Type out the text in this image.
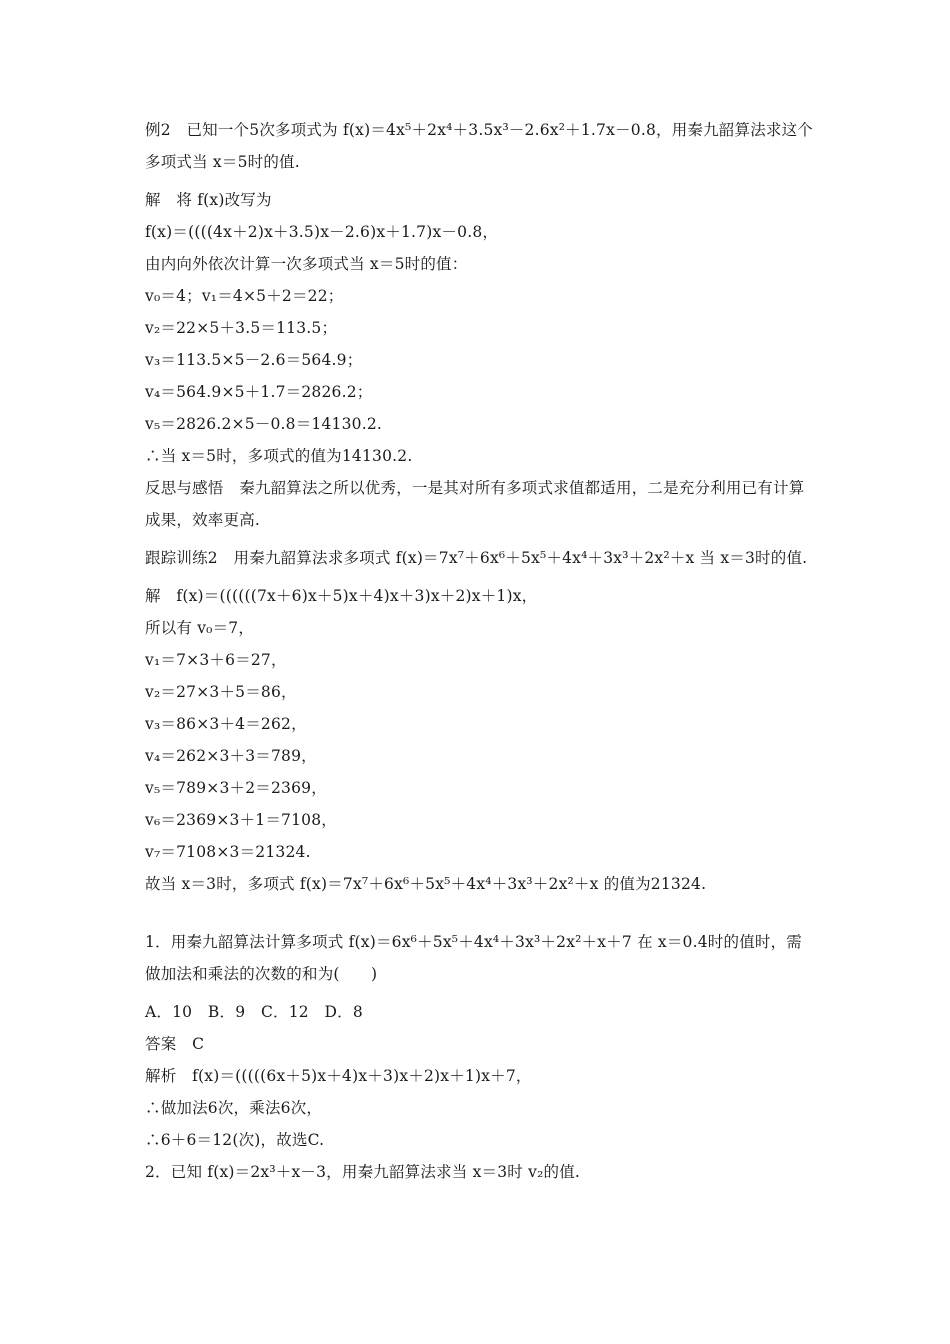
例2　已知一个5次多项式为 f(x)＝4x⁵＋2x⁴＋3.5x³－2.6x²＋1.7x－0.8，用秦九韶算法求这个多项式当 x＝5时的值.
解　将 f(x)改写为
f(x)＝((((4x＋2)x＋3.5)x－2.6)x＋1.7)x－0.8，
由内向外依次计算一次多项式当 x＝5时的值：
v₀＝4；v₁＝4×5＋2＝22；
v₂＝22×5＋3.5＝113.5；
v₃＝113.5×5－2.6＝564.9；
v₄＝564.9×5＋1.7＝2826.2；
v₅＝2826.2×5－0.8＝14130.2.
∴当 x＝5时，多项式的值为14130.2.
反思与感悟　秦九韶算法之所以优秀，一是其对所有多项式求值都适用，二是充分利用已有计算成果，效率更高.
跟踪训练2　用秦九韶算法求多项式 f(x)＝7x⁷＋6x⁶＋5x⁵＋4x⁴＋3x³＋2x²＋x 当 x＝3时的值.
解　f(x)＝((((((7x＋6)x＋5)x＋4)x＋3)x＋2)x＋1)x，
所以有 v₀＝7，
v₁＝7×3＋6＝27，
v₂＝27×3＋5＝86，
v₃＝86×3＋4＝262，
v₄＝262×3＋3＝789，
v₅＝789×3＋2＝2369，
v₆＝2369×3＋1＝7108，
v₇＝7108×3＝21324.
故当 x＝3时，多项式 f(x)＝7x⁷＋6x⁶＋5x⁵＋4x⁴＋3x³＋2x²＋x 的值为21324.
1．用秦九韶算法计算多项式 f(x)＝6x⁶＋5x⁵＋4x⁴＋3x³＋2x²＋x＋7 在 x＝0.4时的值时，需做加法和乘法的次数的和为(　　)
A．10　B．9　C．12　D．8
答案　C
解析　f(x)＝(((((6x＋5)x＋4)x＋3)x＋2)x＋1)x＋7，
∴做加法6次，乘法6次，
∴6＋6＝12(次)，故选C.
2．已知 f(x)＝2x³＋x－3，用秦九韶算法求当 x＝3时 v₂的值.
